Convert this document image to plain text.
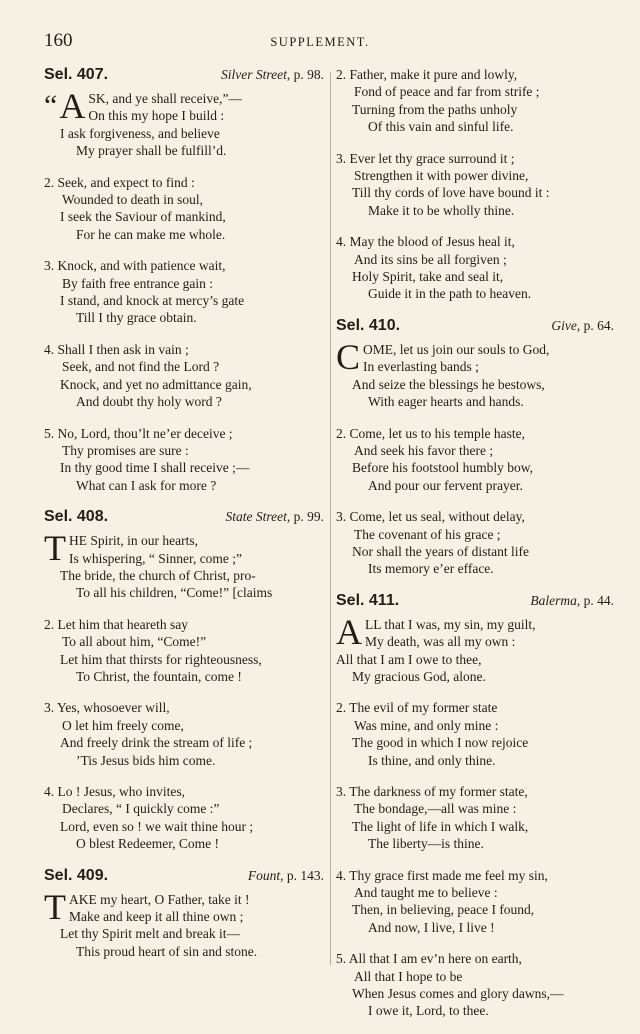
160	SUPPLEMENT.
Sel. 407.	Silver Street, p. 98.
“ A SK, and ye shall receive,”—
On this my hope I build :
I ask forgiveness, and believe
My prayer shall be fulfill’d.
2. Seek, and expect to find :
Wounded to death in soul,
I seek the Saviour of mankind,
For he can make me whole.
3. Knock, and with patience wait,
By faith free entrance gain :
I stand, and knock at mercy’s gate
Till I thy grace obtain.
4. Shall I then ask in vain ;
Seek, and not find the Lord ?
Knock, and yet no admittance gain,
And doubt thy holy word ?
5. No, Lord, thou’lt ne’er deceive ;
Thy promises are sure :
In thy good time I shall receive ;—
What can I ask for more ?
Sel. 408.	State Street, p. 99.
T HE Spirit, in our hearts,
Is whispering, “ Sinner, come ;”
The bride, the church of Christ, pro-
To all his children, “Come!” [claims
2. Let him that heareth say
To all about him, “Come!”
Let him that thirsts for righteousness,
To Christ, the fountain, come !
3. Yes, whosoever will,
O let him freely come,
And freely drink the stream of life ;
’Tis Jesus bids him come.
4. Lo ! Jesus, who invites,
Declares, “ I quickly come :”
Lord, even so ! we wait thine hour ;
O blest Redeemer, Come !
Sel. 409.	Fount, p. 143.
T AKE my heart, O Father, take it !
Make and keep it all thine own ;
Let thy Spirit melt and break it—
This proud heart of sin and stone.
2. Father, make it pure and lowly,
Fond of peace and far from strife ;
Turning from the paths unholy
Of this vain and sinful life.
3. Ever let thy grace surround it ;
Strengthen it with power divine,
Till thy cords of love have bound it :
Make it to be wholly thine.
4. May the blood of Jesus heal it,
And its sins be all forgiven ;
Holy Spirit, take and seal it,
Guide it in the path to heaven.
Sel. 410.	Give, p. 64.
C OME, let us join our souls to God,
In everlasting bands ;
And seize the blessings he bestows,
With eager hearts and hands.
2. Come, let us to his temple haste,
And seek his favor there ;
Before his footstool humbly bow,
And pour our fervent prayer.
3. Come, let us seal, without delay,
The covenant of his grace ;
Nor shall the years of distant life
Its memory e’er efface.
Sel. 411.	Balerma, p. 44.
A LL that I was, my sin, my guilt,
My death, was all my own :
All that I am I owe to thee,
My gracious God, alone.
2. The evil of my former state
Was mine, and only mine :
The good in which I now rejoice
Is thine, and only thine.
3. The darkness of my former state,
The bondage,—all was mine :
The light of life in which I walk,
The liberty—is thine.
4. Thy grace first made me feel my sin,
And taught me to believe :
Then, in believing, peace I found,
And now, I live, I live !
5. All that I am ev’n here on earth,
All that I hope to be
When Jesus comes and glory dawns,—
I owe it, Lord, to thee.
